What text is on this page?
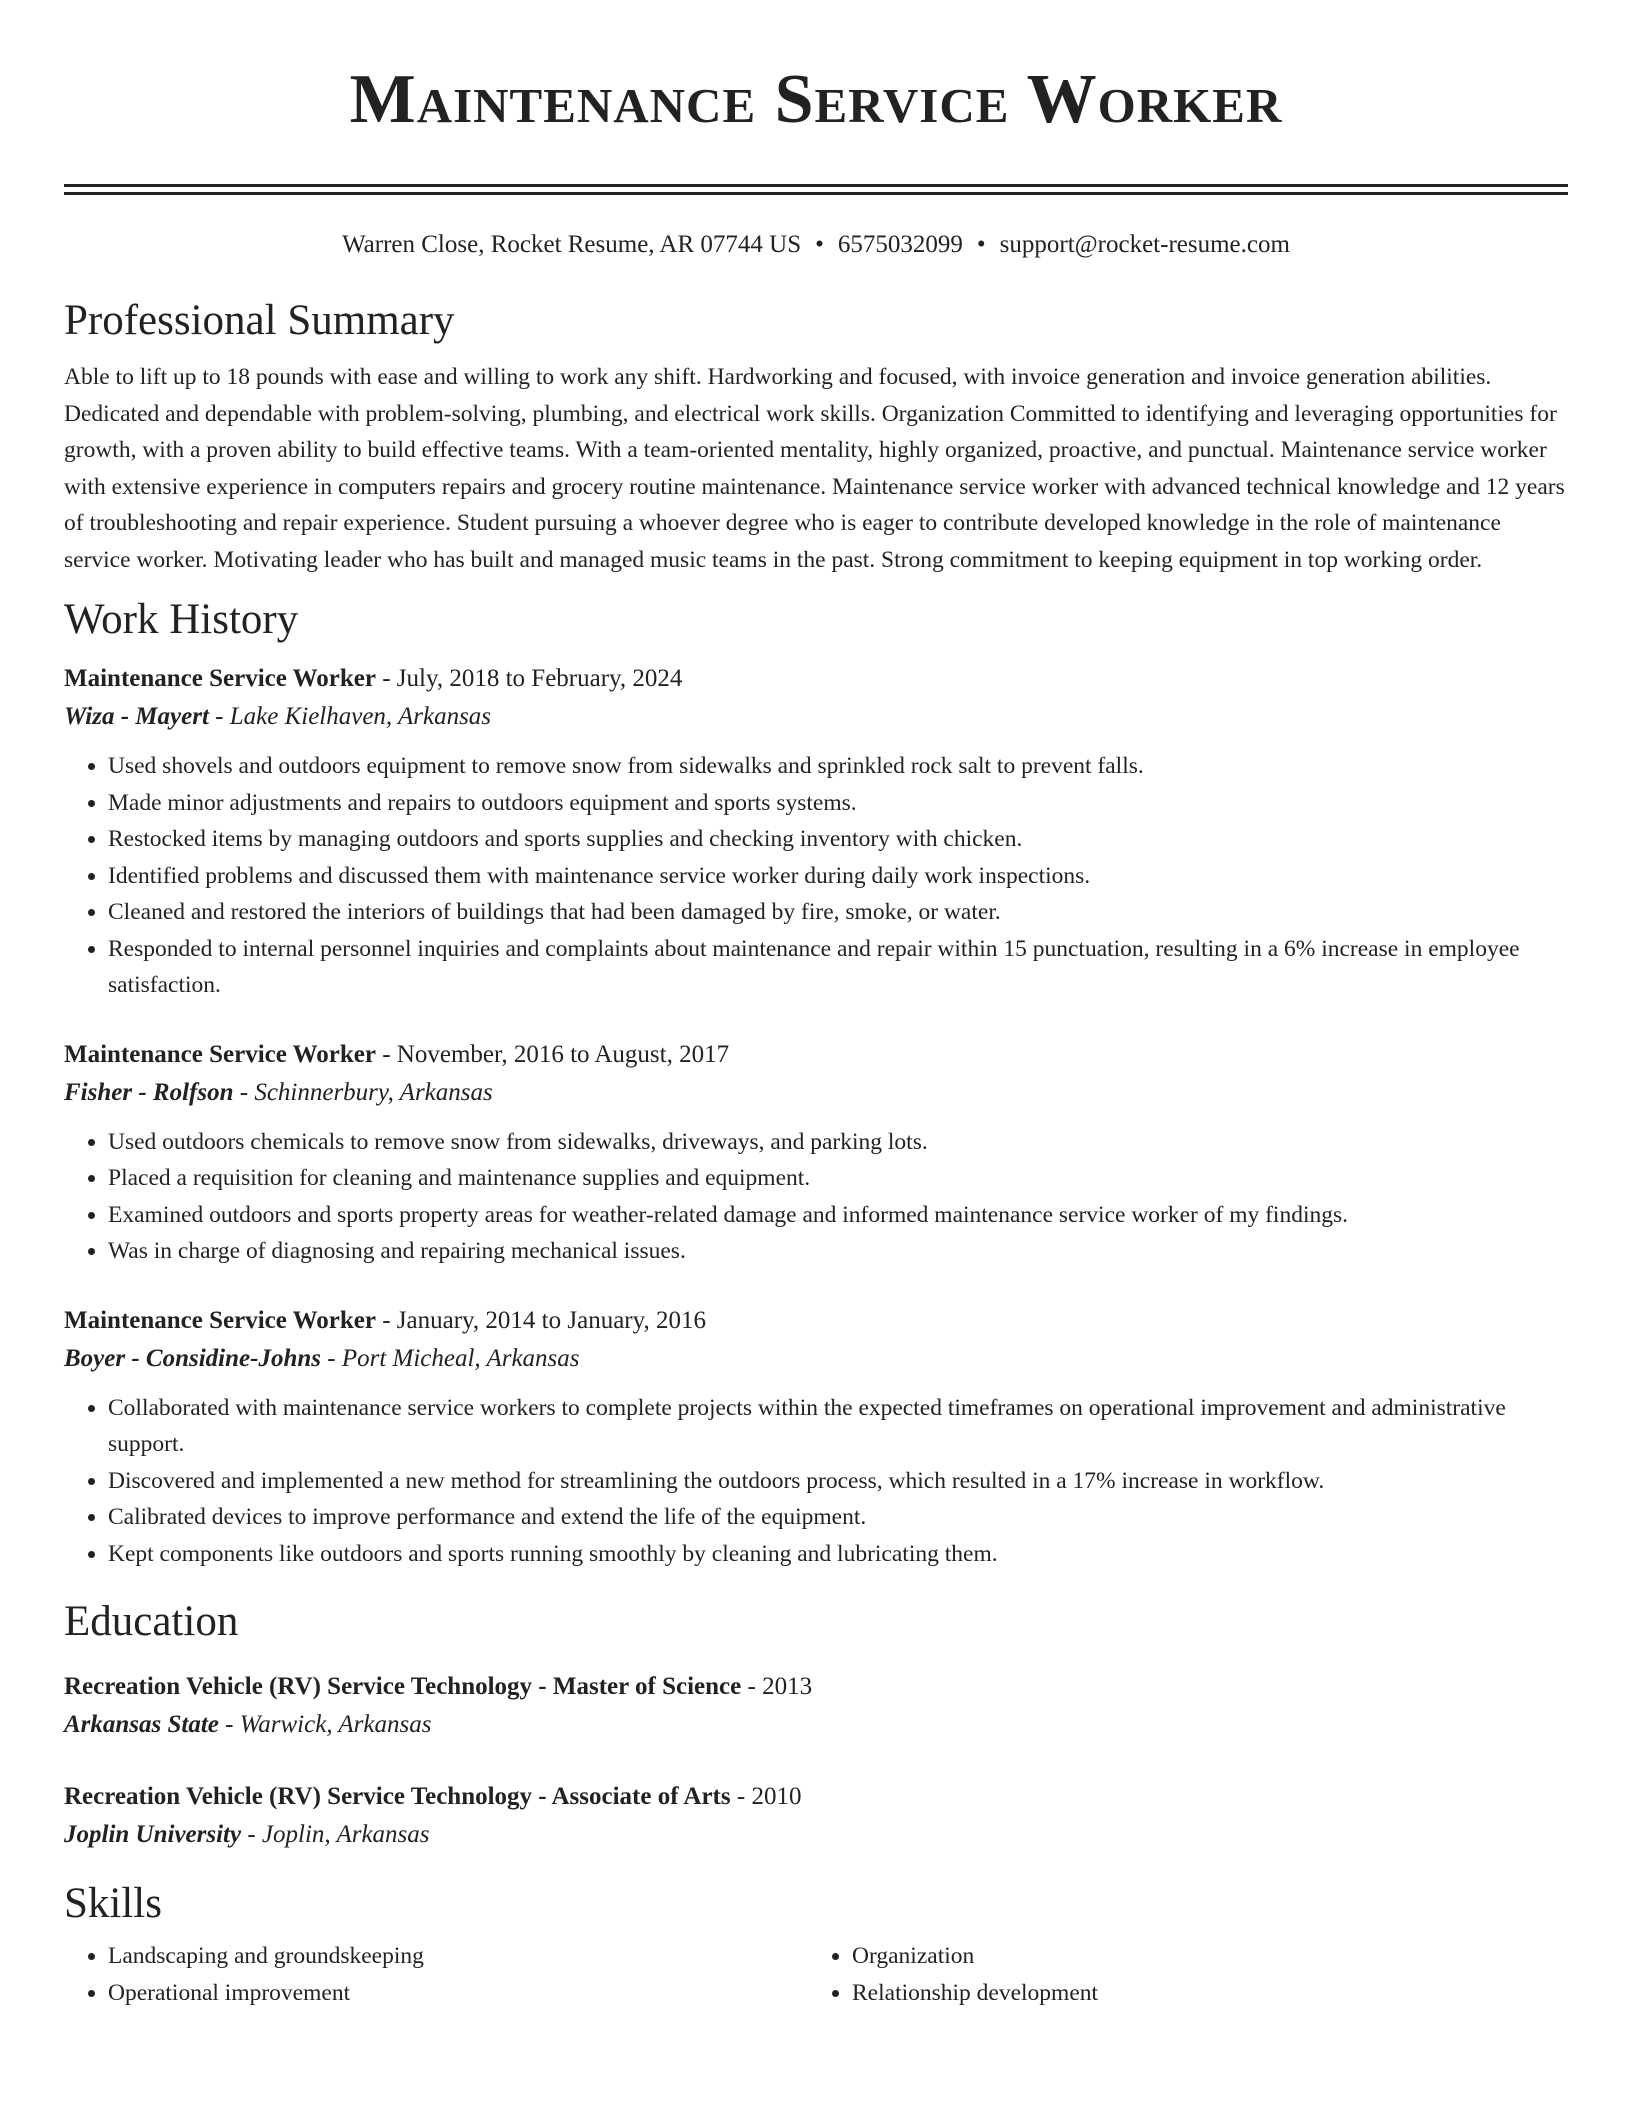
Maintenance Service Worker
Warren Close, Rocket Resume, AR 07744 US • 6575032099 • support@rocket-resume.com
Professional Summary

Able to lift up to 18 pounds with ease and willing to work any shift. Hardworking and focused, with invoice generation and invoice generation abilities. Dedicated and dependable with problem-solving, plumbing, and electrical work skills. Organization Committed to identifying and leveraging opportunities for growth, with a proven ability to build effective teams. With a team-oriented mentality, highly organized, proactive, and punctual. Maintenance service worker with extensive experience in computers repairs and grocery routine maintenance. Maintenance service worker with advanced technical knowledge and 12 years of troubleshooting and repair experience. Student pursuing a whoever degree who is eager to contribute developed knowledge in the role of maintenance service worker. Motivating leader who has built and managed music teams in the past. Strong commitment to keeping equipment in top working order.

Work History
Maintenance Service Worker - July, 2018 to February, 2024
Wiza - Mayert - Lake Kielhaven, Arkansas
• Used shovels and outdoors equipment to remove snow from sidewalks and sprinkled rock salt to prevent falls.
• Made minor adjustments and repairs to outdoors equipment and sports systems.
• Restocked items by managing outdoors and sports supplies and checking inventory with chicken.
• Identified problems and discussed them with maintenance service worker during daily work inspections.
• Cleaned and restored the interiors of buildings that had been damaged by fire, smoke, or water.
• Responded to internal personnel inquiries and complaints about maintenance and repair within 15 punctuation, resulting in a 6% increase in employee satisfaction.
Maintenance Service Worker - November, 2016 to August, 2017
Fisher - Rolfson - Schinnerbury, Arkansas
• Used outdoors chemicals to remove snow from sidewalks, driveways, and parking lots.
• Placed a requisition for cleaning and maintenance supplies and equipment.
• Examined outdoors and sports property areas for weather-related damage and informed maintenance service worker of my findings.
• Was in charge of diagnosing and repairing mechanical issues.
Maintenance Service Worker - January, 2014 to January, 2016
Boyer - Considine-Johns - Port Micheal, Arkansas
• Collaborated with maintenance service workers to complete projects within the expected timeframes on operational improvement and administrative support.
• Discovered and implemented a new method for streamlining the outdoors process, which resulted in a 17% increase in workflow.
• Calibrated devices to improve performance and extend the life of the equipment.
• Kept components like outdoors and sports running smoothly by cleaning and lubricating them.
Education
Recreation Vehicle (RV) Service Technology - Master of Science - 2013
Arkansas State - Warwick, Arkansas
Recreation Vehicle (RV) Service Technology - Associate of Arts - 2010
Joplin University - Joplin, Arkansas
Skills
• Landscaping and groundskeeping
• Operational improvement
• Organization
• Relationship development
